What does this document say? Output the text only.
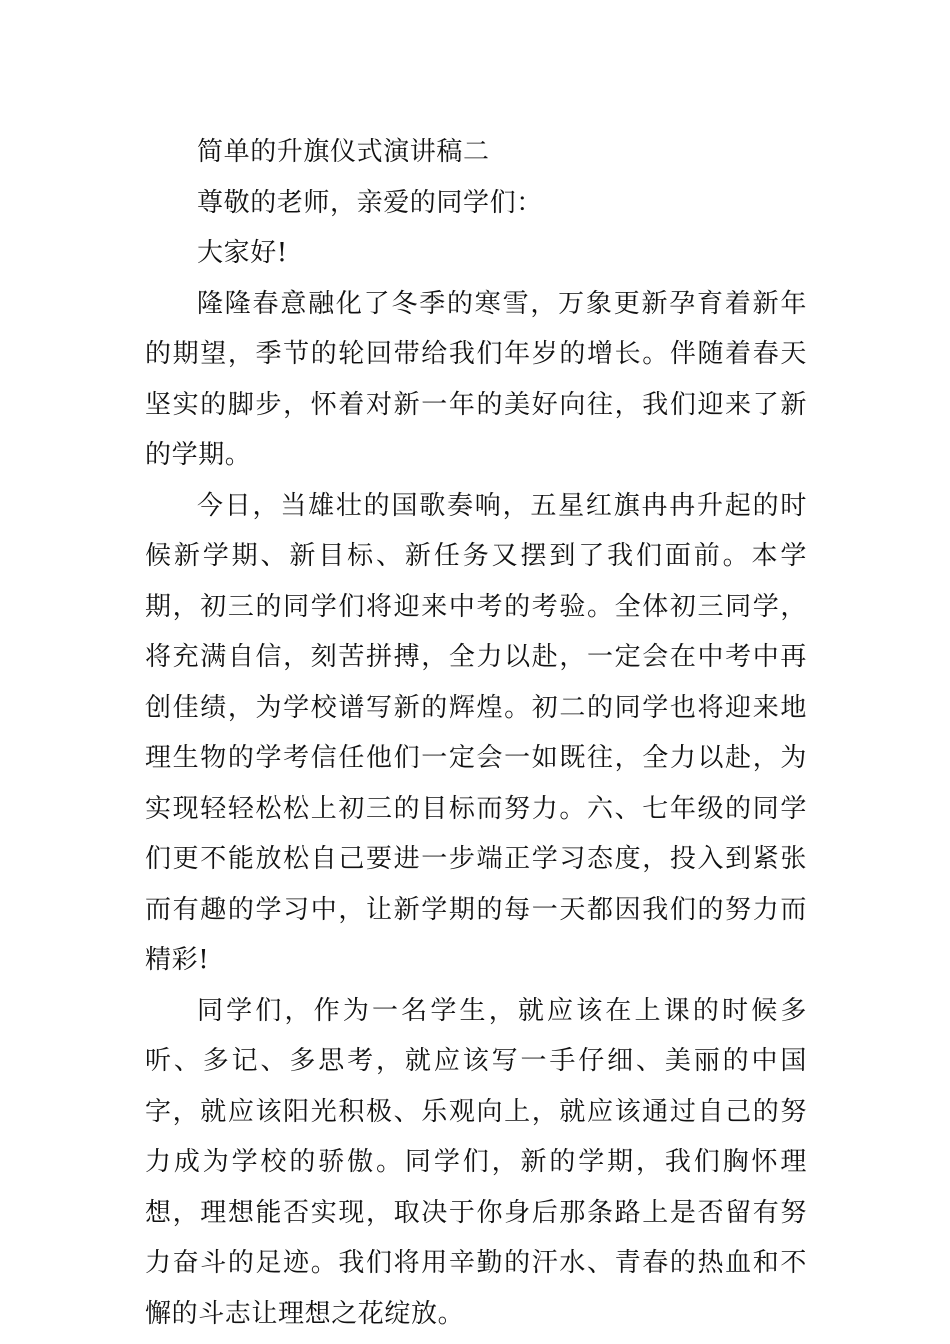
简单的升旗仪式演讲稿二

尊敬的老师，亲爱的同学们：

大家好!

隆隆春意融化了冬季的寒雪，万象更新孕育着新年的期望，季节的轮回带给我们年岁的增长。伴随着春天坚实的脚步，怀着对新一年的美好向往，我们迎来了新的学期。

今日，当雄壮的国歌奏响，五星红旗冉冉升起的时候新学期、新目标、新任务又摆到了我们面前。本学期，初三的同学们将迎来中考的考验。全体初三同学，将充满自信，刻苦拼搏，全力以赴，一定会在中考中再创佳绩，为学校谱写新的辉煌。初二的同学也将迎来地理生物的学考信任他们一定会一如既往，全力以赴，为实现轻轻松松上初三的目标而努力。六、七年级的同学们更不能放松自己要进一步端正学习态度，投入到紧张而有趣的学习中，让新学期的每一天都因我们的努力而精彩!

同学们，作为一名学生，就应该在上课的时候多听、多记、多思考，就应该写一手仔细、美丽的中国字，就应该阳光积极、乐观向上，就应该通过自己的努力成为学校的骄傲。同学们，新的学期，我们胸怀理想，理想能否实现，取决于你身后那条路上是否留有努力奋斗的足迹。我们将用辛勤的汗水、青春的热血和不懈的斗志让理想之花绽放。
